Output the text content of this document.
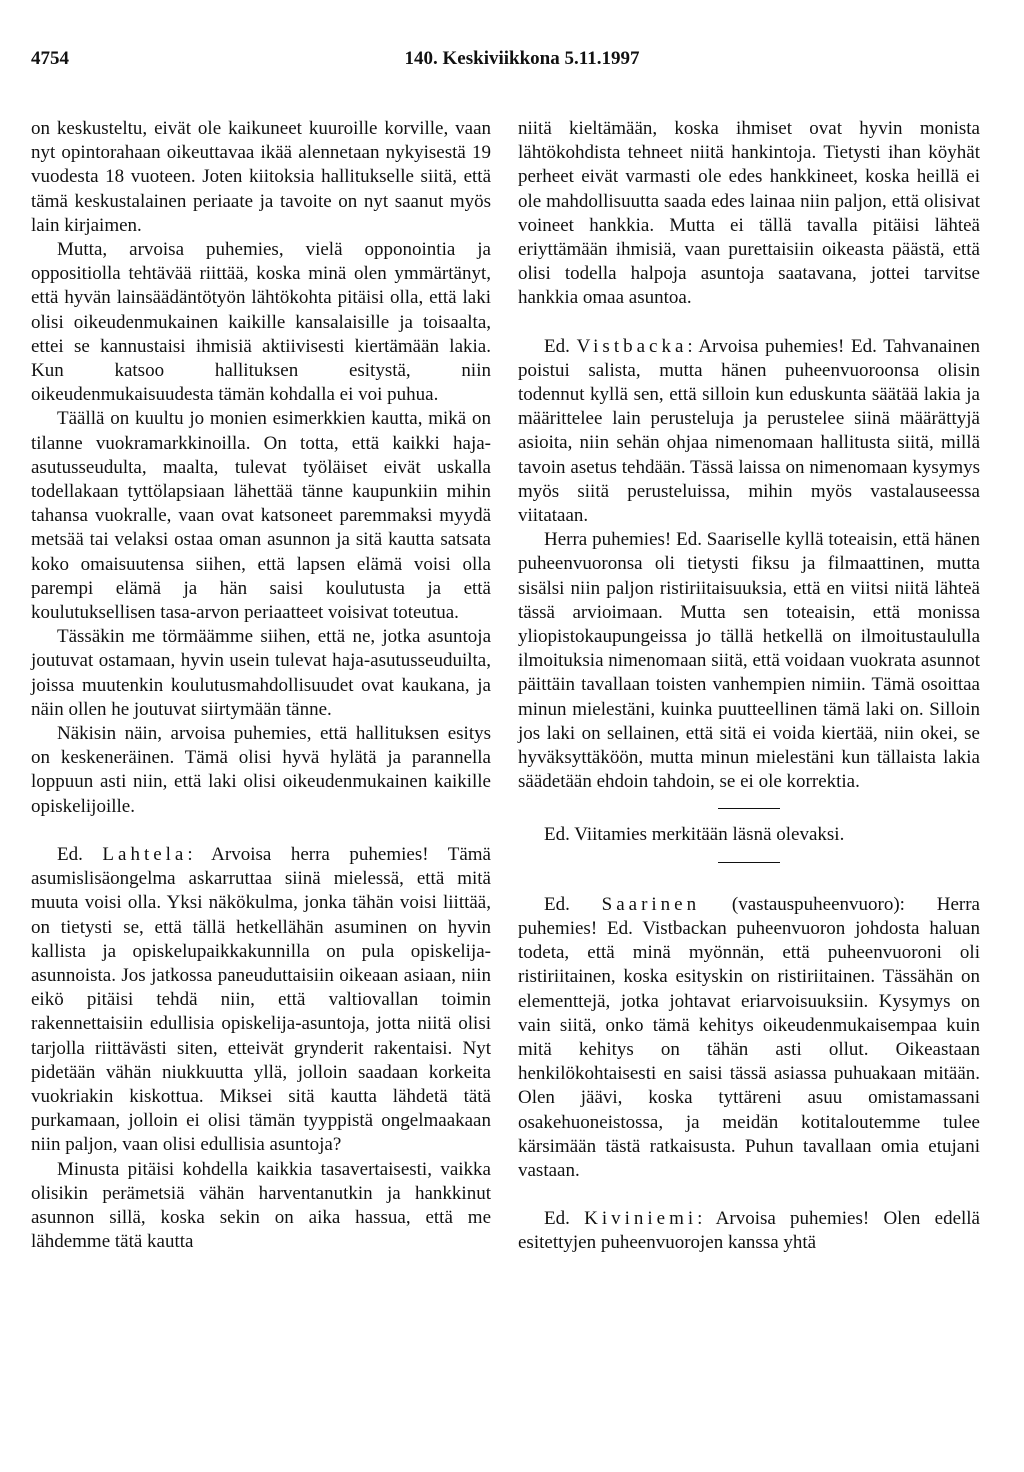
4754	140. Keskiviikkona 5.11.1997

on keskusteltu, eivät ole kaikuneet kuuroille korville, vaan nyt opintorahaan oikeuttavaa ikää alennetaan nykyisestä 19 vuodesta 18 vuoteen. Joten kiitoksia hallitukselle siitä, että tämä keskustalainen periaate ja tavoite on nyt saanut myös lain kirjaimen.

Mutta, arvoisa puhemies, vielä opponointia ja oppositiolla tehtävää riittää, koska minä olen ymmärtänyt, että hyvän lainsäädäntötyön lähtökohta pitäisi olla, että laki olisi oikeudenmukainen kaikille kansalaisille ja toisaalta, ettei se kannustaisi ihmisiä aktiivisesti kiertämään lakia. Kun katsoo hallituksen esitystä, niin oikeudenmukaisuudesta tämän kohdalla ei voi puhua.

Täällä on kuultu jo monien esimerkkien kautta, mikä on tilanne vuokramarkkinoilla. On totta, että kaikki haja-asutusseudulta, maalta, tulevat työläiset eivät uskalla todellakaan tyttölapsiaan lähettää tänne kaupunkiin mihin tahansa vuokralle, vaan ovat katsoneet paremmaksi myydä metsää tai velaksi ostaa oman asunnon ja sitä kautta satsata koko omaisuutensa siihen, että lapsen elämä voisi olla parempi elämä ja hän saisi koulutusta ja että koulutuksellisen tasa-arvon periaatteet voisivat toteutua.

Tässäkin me törmäämme siihen, että ne, jotka asuntoja joutuvat ostamaan, hyvin usein tulevat haja-asutusseuduilta, joissa muutenkin koulutusmahdollisuudet ovat kaukana, ja näin ollen he joutuvat siirtymään tänne.

Näkisin näin, arvoisa puhemies, että hallituksen esitys on keskeneräinen. Tämä olisi hyvä hylätä ja parannella loppuun asti niin, että laki olisi oikeudenmukainen kaikille opiskelijoille.

Ed. Lahtela: Arvoisa herra puhemies! Tämä asumislisäongelma askarruttaa siinä mielessä, että mitä muuta voisi olla. Yksi näkökulma, jonka tähän voisi liittää, on tietysti se, että tällä hetkellähän asuminen on hyvin kallista ja opiskelupaikkakunnilla on pula opiskelija-asunnoista. Jos jatkossa paneuduttaisiin oikeaan asiaan, niin eikö pitäisi tehdä niin, että valtiovallan toimin rakennettaisiin edullisia opiskelija-asuntoja, jotta niitä olisi tarjolla riittävästi siten, etteivät grynderit rakentaisi. Nyt pidetään vähän niukkuutta yllä, jolloin saadaan korkeita vuokriakin kiskottua. Miksei sitä kautta lähdetä tätä purkamaan, jolloin ei olisi tämän tyyppistä ongelmaakaan niin paljon, vaan olisi edullisia asuntoja?

Minusta pitäisi kohdella kaikkia tasavertaisesti, vaikka olisikin perämetsiä vähän harventanutkin ja hankkinut asunnon sillä, koska sekin on aika hassua, että me lähdemme tätä kautta

niitä kieltämään, koska ihmiset ovat hyvin monista lähtökohdista tehneet niitä hankintoja. Tietysti ihan köyhät perheet eivät varmasti ole edes hankkineet, koska heillä ei ole mahdollisuutta saada edes lainaa niin paljon, että olisivat voineet hankkia. Mutta ei tällä tavalla pitäisi lähteä eriyttämään ihmisiä, vaan purettaisiin oikeasta päästä, että olisi todella halpoja asuntoja saatavana, jottei tarvitse hankkia omaa asuntoa.

Ed. Vistbacka: Arvoisa puhemies! Ed. Tahvanainen poistui salista, mutta hänen puheenvuoroonsa olisin todennut kyllä sen, että silloin kun eduskunta säätää lakia ja määrittelee lain perusteluja ja perustelee siinä määrättyjä asioita, niin sehän ohjaa nimenomaan hallitusta siitä, millä tavoin asetus tehdään. Tässä laissa on nimenomaan kysymys myös siitä perusteluissa, mihin myös vastalauseessa viitataan.

Herra puhemies! Ed. Saariselle kyllä toteaisin, että hänen puheenvuoronsa oli tietysti fiksu ja filmaattinen, mutta sisälsi niin paljon ristiriitaisuuksia, että en viitsi niitä lähteä tässä arvioimaan. Mutta sen toteaisin, että monissa yliopistokaupungeissa jo tällä hetkellä on ilmoitustaululla ilmoituksia nimenomaan siitä, että voidaan vuokrata asunnot päittäin tavallaan toisten vanhempien nimiin. Tämä osoittaa minun mielestäni, kuinka puutteellinen tämä laki on. Silloin jos laki on sellainen, että sitä ei voida kiertää, niin okei, se hyväksyttäköön, mutta minun mielestäni kun tällaista lakia säädetään ehdoin tahdoin, se ei ole korrektia.

Ed. Viitamies merkitään läsnä olevaksi.

Ed. Saarinen (vastauspuheenvuoro): Herra puhemies! Ed. Vistbackan puheenvuoron johdosta haluan todeta, että minä myönnän, että puheenvuoroni oli ristiriitainen, koska esityskin on ristiriitainen. Tässähän on elementtejä, jotka johtavat eriarvoisuuksiin. Kysymys on vain siitä, onko tämä kehitys oikeudenmukaisempaa kuin mitä kehitys on tähän asti ollut. Oikeastaan henkilökohtaisesti en saisi tässä asiassa puhuakaan mitään. Olen jäävi, koska tyttäreni asuu omistamassani osakehuoneistossa, ja meidän kotitaloutemme tulee kärsimään tästä ratkaisusta. Puhun tavallaan omia etujani vastaan.

Ed. Kiviniemi: Arvoisa puhemies! Olen edellä esitettyjen puheenvuorojen kanssa yhtä
